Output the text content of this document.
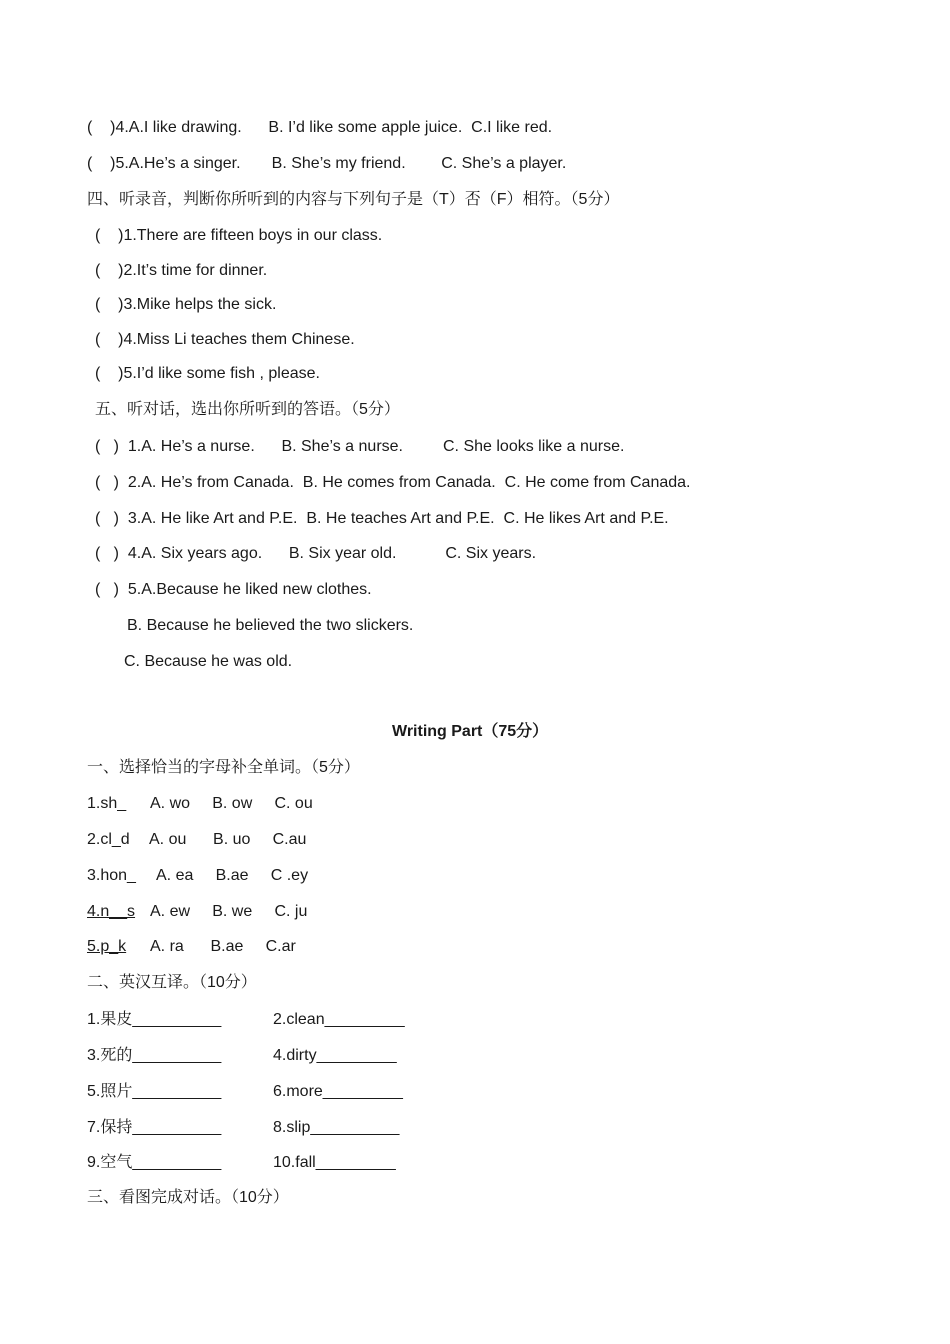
(    )4.A.I like drawing.      B. I’d like some apple juice.  C.I like red.
(    )5.A.He’s a singer.       B. She’s my friend.        C. She’s a player.
四、听录音，判断你所听到的内容与下列句子是（T）否（F）相符。（5分）
(    )1.There are fifteen boys in our class.
(    )2.It’s time for dinner.
(    )3.Mike helps the sick.
(    )4.Miss Li teaches them Chinese.
(    )5.I’d like some fish , please.
五、听对话，选出你所听到的答语。（5分）
(   )  1.A. He’s a nurse.      B. She’s a nurse.         C. She looks like a nurse.
(   )  2.A. He’s from Canada.  B. He comes from Canada.  C. He come from Canada.
(   )  3.A. He like Art and P.E.  B. He teaches Art and P.E.  C. He likes Art and P.E.
(   )  4.A. Six years ago.      B. Six year old.           C. Six years.
(   )  5.A.Because he liked new clothes.
B. Because he believed the two slickers.
C. Because he was old.
Writing Part（75分）
一、选择恰当的字母补全单词。（5分）
1.sh_ A. wo     B. ow     C. ou
2.cl_d A. ou      B. uo     C.au
3.hon_ A. ea     B.ae     C .ey
4.n__s A. ew     B. we     C. ju
5.p_k A. ra      B.ae     C.ar
二、英汉互译。（10分）
1.果皮__________	2.clean_________
3.死的__________	4.dirty_________
5.照片__________	6.more_________
7.保持__________	8.slip__________
9.空气__________	10.fall_________
三、看图完成对话。（10分）
